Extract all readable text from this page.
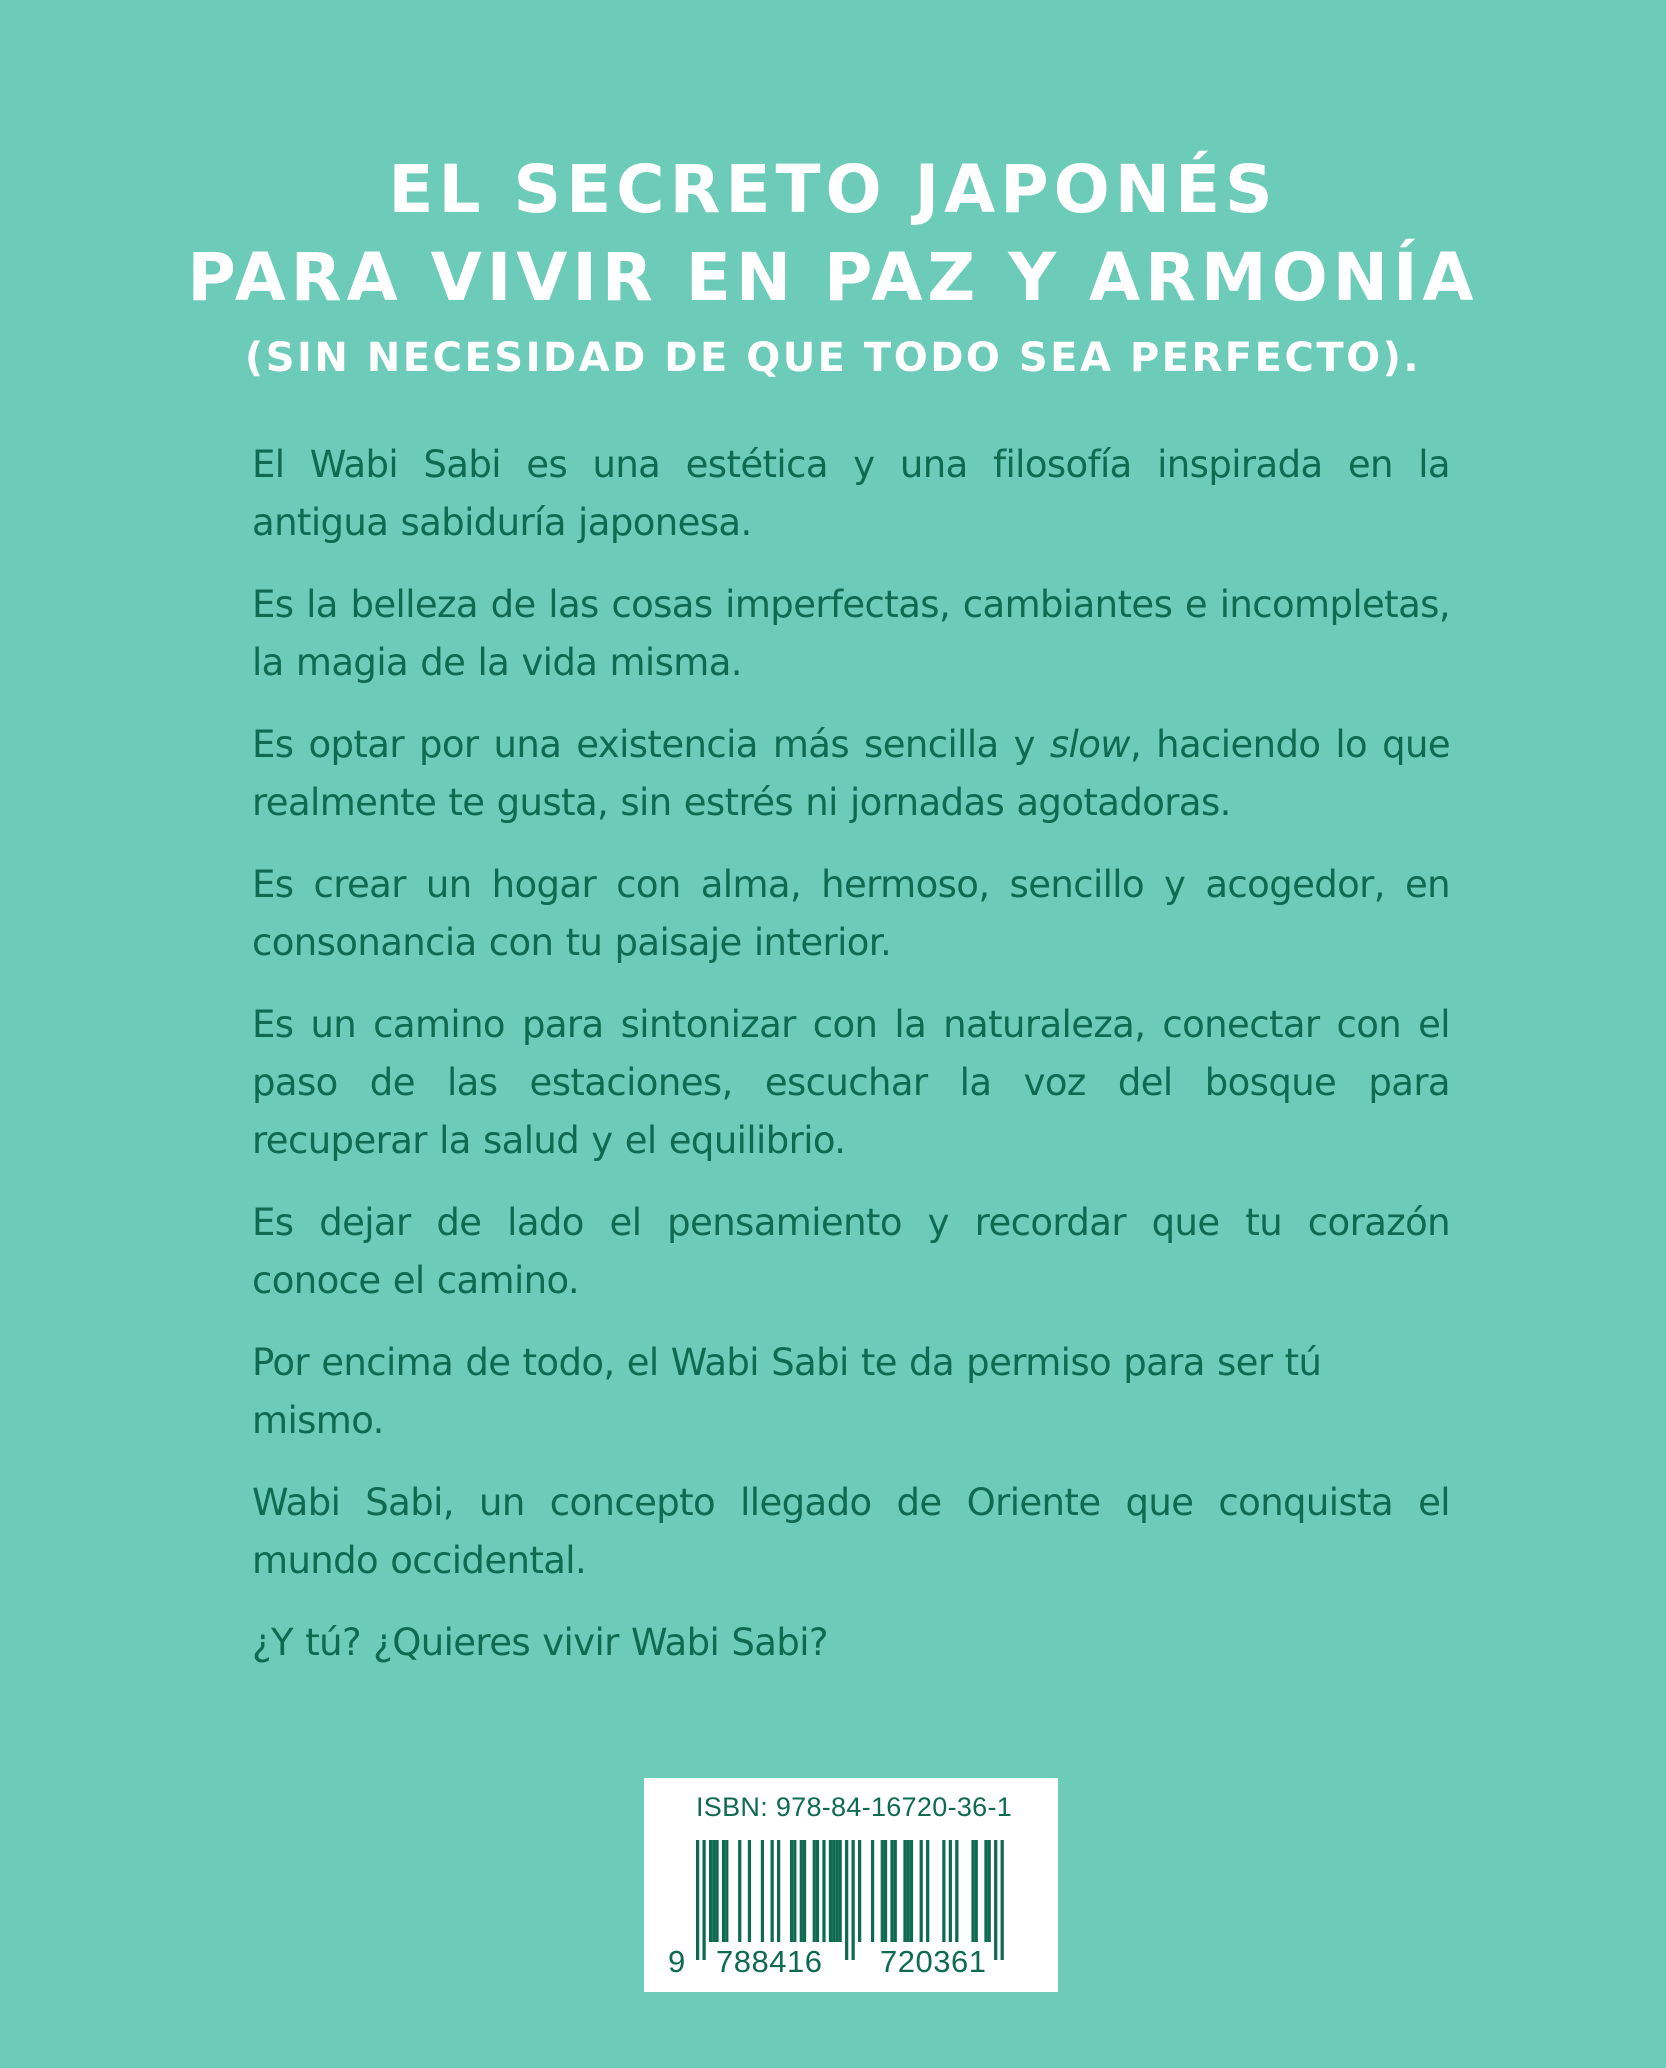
EL SECRETO JAPONÉS
PARA VIVIR EN PAZ Y ARMONÍA
(SIN NECESIDAD DE QUE TODO SEA PERFECTO).

El Wabi Sabi es una estética y una filosofía inspirada en la antigua sabiduría japonesa.

Es la belleza de las cosas imperfectas, cambiantes e incompletas, la magia de la vida misma.

Es optar por una existencia más sencilla y slow, haciendo lo que realmente te gusta, sin estrés ni jornadas agotadoras.

Es crear un hogar con alma, hermoso, sencillo y acogedor, en consonancia con tu paisaje interior.

Es un camino para sintonizar con la naturaleza, conectar con el paso de las estaciones, escuchar la voz del bosque para recuperar la salud y el equilibrio.

Es dejar de lado el pensamiento y recordar que tu corazón conoce el camino.

Por encima de todo, el Wabi Sabi te da permiso para ser tú mismo.

Wabi Sabi, un concepto llegado de Oriente que conquista el mundo occidental.

¿Y tú? ¿Quieres vivir Wabi Sabi?

ISBN: 978-84-16720-36-1
9 788416 720361
